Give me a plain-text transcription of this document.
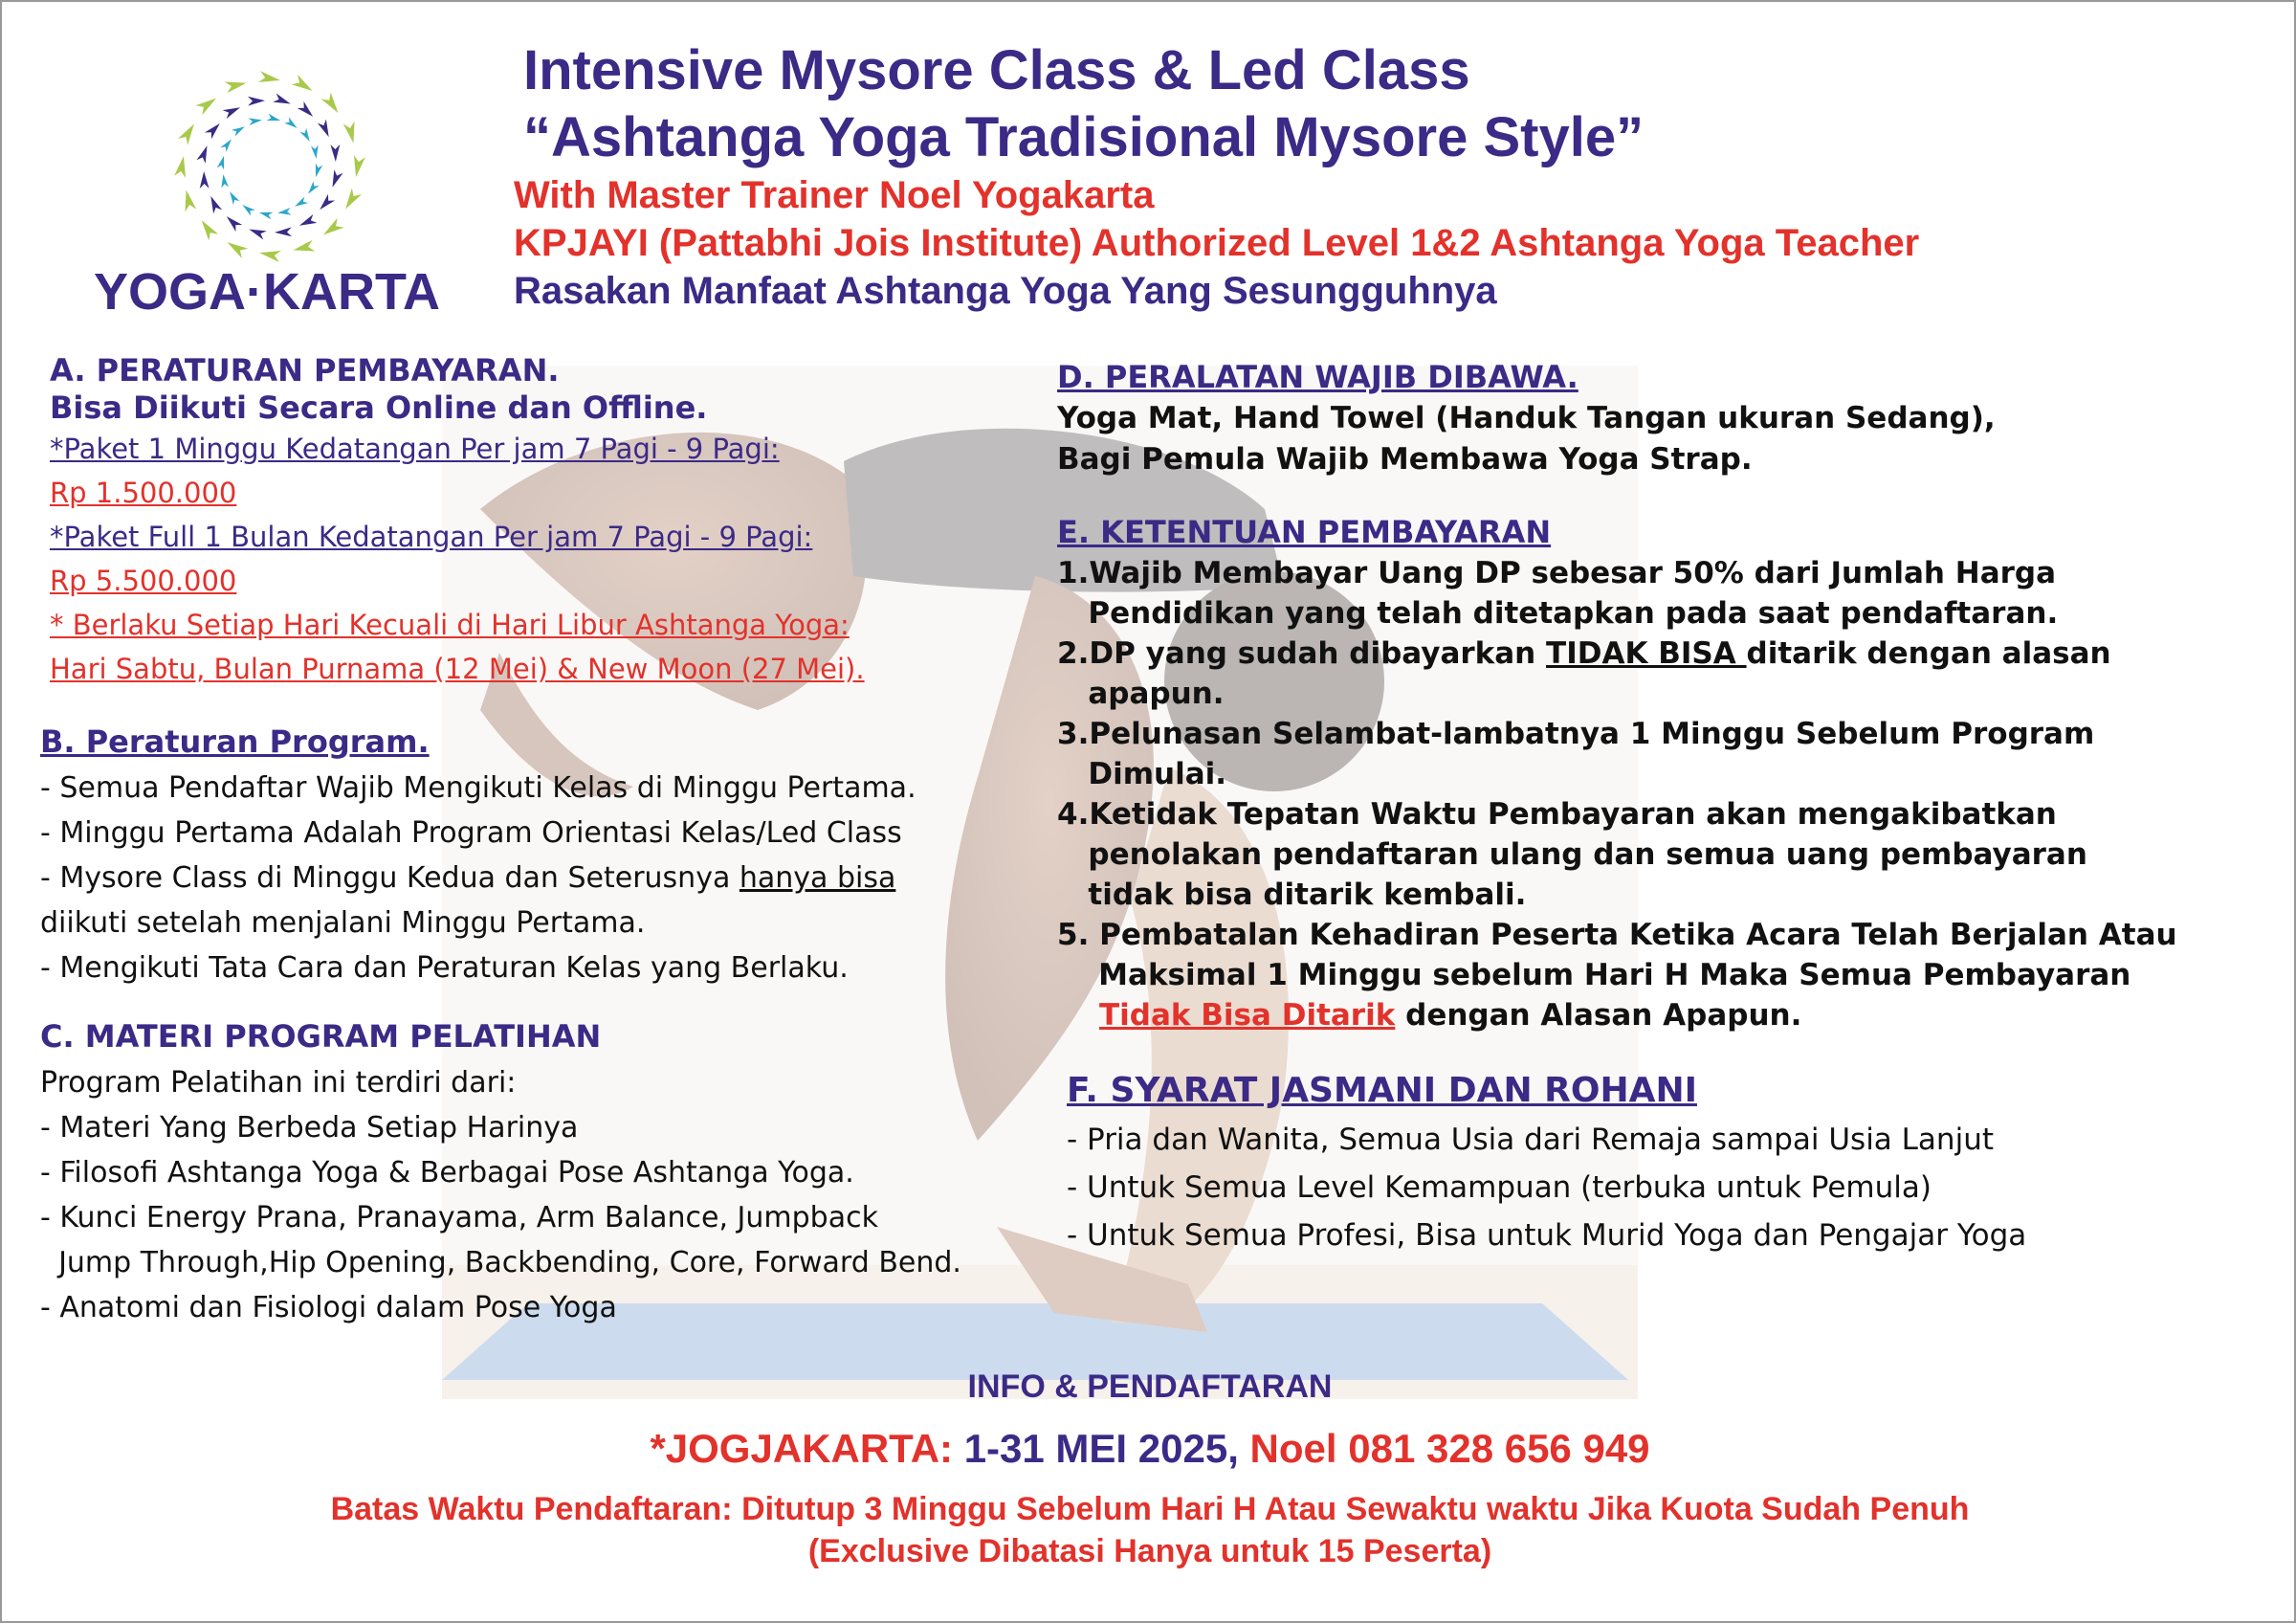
Intensive Mysore Class & Led Class
“Ashtanga Yoga Tradisional Mysore Style”
With Master Trainer Noel Yogakarta
KPJAYI (Pattabhi Jois Institute) Authorized Level 1&2 Ashtanga Yoga Teacher
Rasakan Manfaat Ashtanga Yoga Yang Sesungguhnya
YOGA·KARTA
A. PERATURAN PEMBAYARAN.
Bisa Diikuti Secara Online dan Offline.
*Paket 1 Minggu Kedatangan Per jam 7 Pagi - 9 Pagi:
Rp 1.500.000
*Paket Full 1 Bulan Kedatangan Per jam 7 Pagi - 9 Pagi:
Rp 5.500.000
* Berlaku Setiap Hari Kecuali di Hari Libur Ashtanga Yoga:
Hari Sabtu, Bulan Purnama (12 Mei) & New Moon (27 Mei).
B. Peraturan Program.
- Semua Pendaftar Wajib Mengikuti Kelas di Minggu Pertama.
- Minggu Pertama Adalah Program Orientasi Kelas/Led Class
- Mysore Class di Minggu Kedua dan Seterusnya hanya bisa
diikuti setelah menjalani Minggu Pertama.
- Mengikuti Tata Cara dan Peraturan Kelas yang Berlaku.
C. MATERI PROGRAM PELATIHAN
Program Pelatihan ini terdiri dari:
- Materi Yang Berbeda Setiap Harinya
- Filosofi Ashtanga Yoga & Berbagai Pose Ashtanga Yoga.
- Kunci Energy Prana, Pranayama, Arm Balance, Jumpback
Jump Through,Hip Opening, Backbending, Core, Forward Bend.
- Anatomi dan Fisiologi dalam Pose Yoga
D. PERALATAN WAJIB DIBAWA.
Yoga Mat, Hand Towel (Handuk Tangan ukuran Sedang),
Bagi Pemula Wajib Membawa Yoga Strap.
E. KETENTUAN PEMBAYARAN
1.Wajib Membayar Uang DP sebesar 50% dari Jumlah Harga
Pendidikan yang telah ditetapkan pada saat pendaftaran.
2.DP yang sudah dibayarkan TIDAK BISA ditarik dengan alasan
apapun.
3.Pelunasan Selambat-lambatnya 1 Minggu Sebelum Program
Dimulai.
4.Ketidak Tepatan Waktu Pembayaran akan mengakibatkan
penolakan pendaftaran ulang dan semua uang pembayaran
tidak bisa ditarik kembali.
5. Pembatalan Kehadiran Peserta Ketika Acara Telah Berjalan Atau
Maksimal 1 Minggu sebelum Hari H Maka Semua Pembayaran
Tidak Bisa Ditarik dengan Alasan Apapun.
F. SYARAT JASMANI DAN ROHANI
- Pria dan Wanita, Semua Usia dari Remaja sampai Usia Lanjut
- Untuk Semua Level Kemampuan (terbuka untuk Pemula)
- Untuk Semua Profesi, Bisa untuk Murid Yoga dan Pengajar Yoga
INFO & PENDAFTARAN
*JOGJAKARTA: 1-31 MEI 2025, Noel 081 328 656 949
Batas Waktu Pendaftaran: Ditutup 3 Minggu Sebelum Hari H Atau Sewaktu waktu Jika Kuota Sudah Penuh
(Exclusive Dibatasi Hanya untuk 15 Peserta)
